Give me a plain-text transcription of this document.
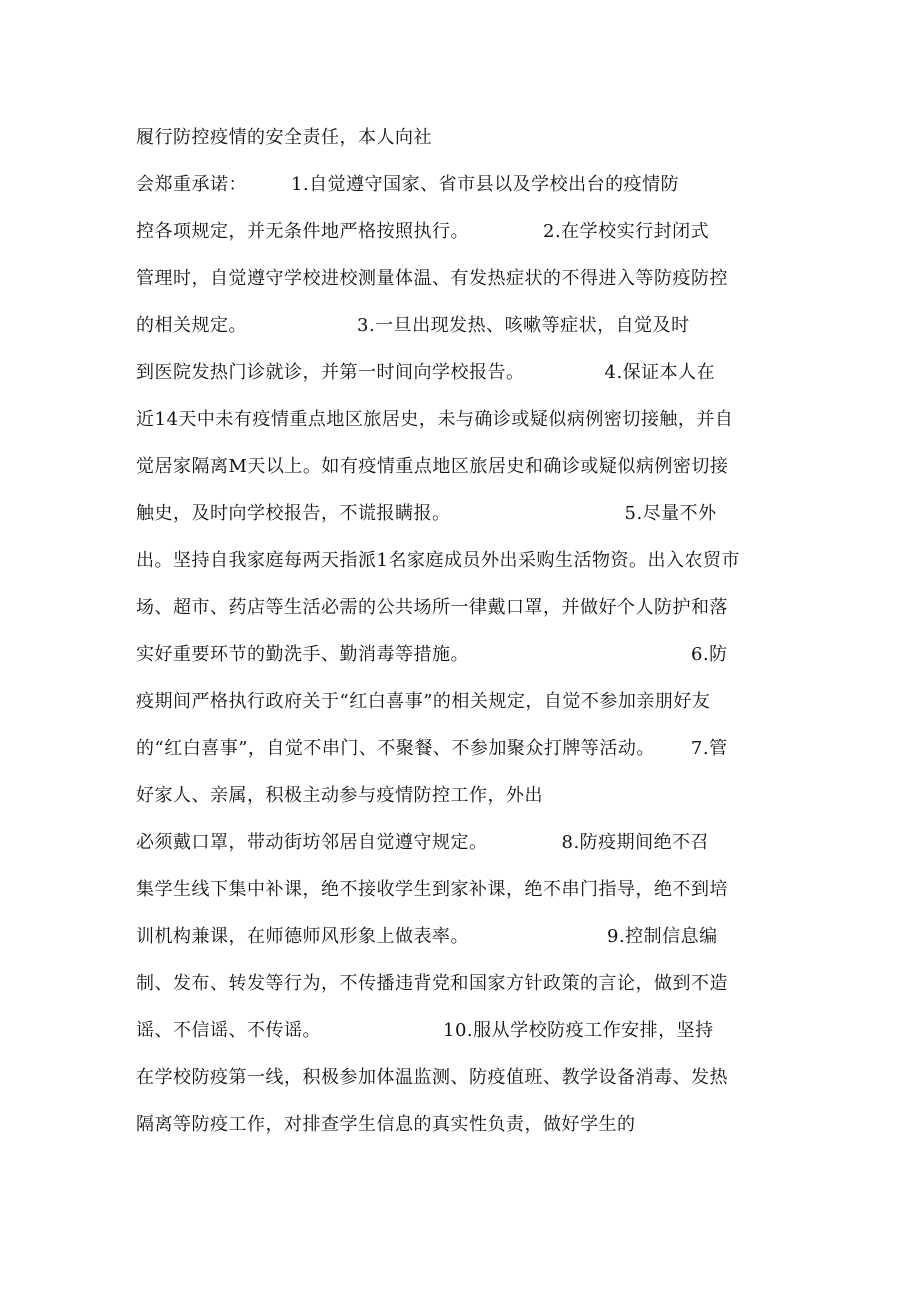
履行防控疫情的安全责任，本人向社
会郑重承诺： 1.自觉遵守国家、省市县以及学校出台的疫情防
控各项规定，并无条件地严格按照执行。	2.在学校实行封闭式
管理时，自觉遵守学校进校测量体温、有发热症状的不得进入等防疫防控
的相关规定。	3.一旦出现发热、咳嗽等症状，自觉及时
到医院发热门诊就诊，并第一时间向学校报告。	4.保证本人在
近14天中未有疫情重点地区旅居史，未与确诊或疑似病例密切接触，并自
觉居家隔离M天以上。如有疫情重点地区旅居史和确诊或疑似病例密切接
触史，及时向学校报告，不谎报瞒报。	5.尽量不外
出。坚持自我家庭每两天指派1名家庭成员外出采购生活物资。出入农贸市
场、超市、药店等生活必需的公共场所一律戴口罩，并做好个人防护和落
实好重要环节的勤洗手、勤消毒等措施。	6.防
疫期间严格执行政府关于“红白喜事”的相关规定，自觉不参加亲朋好友
的“红白喜事”，自觉不串门、不聚餐、不参加聚众打牌等活动。 7.管
好家人、亲属，积极主动参与疫情防控工作，外出
必须戴口罩，带动街坊邻居自觉遵守规定。	8.防疫期间绝不召
集学生线下集中补课，绝不接收学生到家补课，绝不串门指导，绝不到培
训机构兼课，在师德师风形象上做表率。	9.控制信息编
制、发布、转发等行为，不传播违背党和国家方针政策的言论，做到不造
谣、不信谣、不传谣。	10.服从学校防疫工作安排，坚持
在学校防疫第一线，积极参加体温监测、防疫值班、教学设备消毒、发热
隔离等防疫工作，对排查学生信息的真实性负责，做好学生的
